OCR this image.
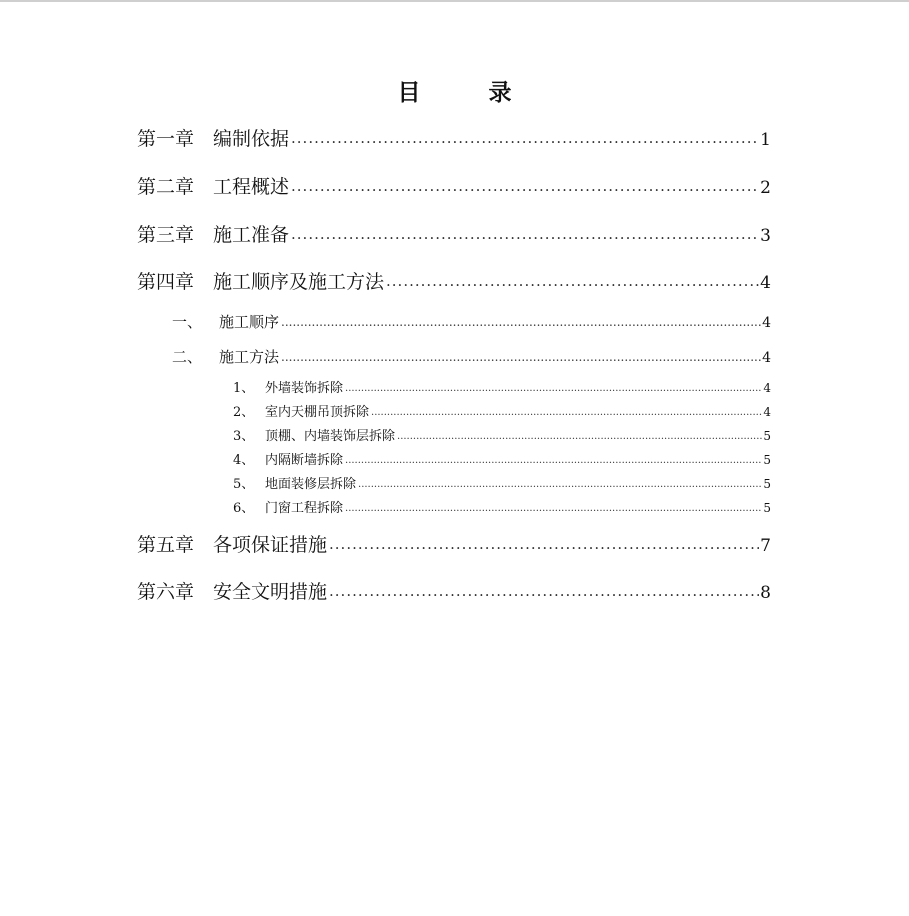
目 录
第一章 编制依据 .....	1
第二章 工程概述 .....	2
第三章 施工准备 .....	3
第四章 施工顺序及施工方法 .....	4
一、	施工顺序 .....	4
二、	施工方法 .....	4
1、 外墙装饰拆除 .....	4
2、 室内天棚吊顶拆除 .....	4
3、 顶棚、内墙装饰层拆除 .....	5
4、 内隔断墙拆除 .....	5
5、 地面装修层拆除 .....	5
6、 门窗工程拆除 .....	5
第五章 各项保证措施 .....	7
第六章 安全文明措施 .....	8
